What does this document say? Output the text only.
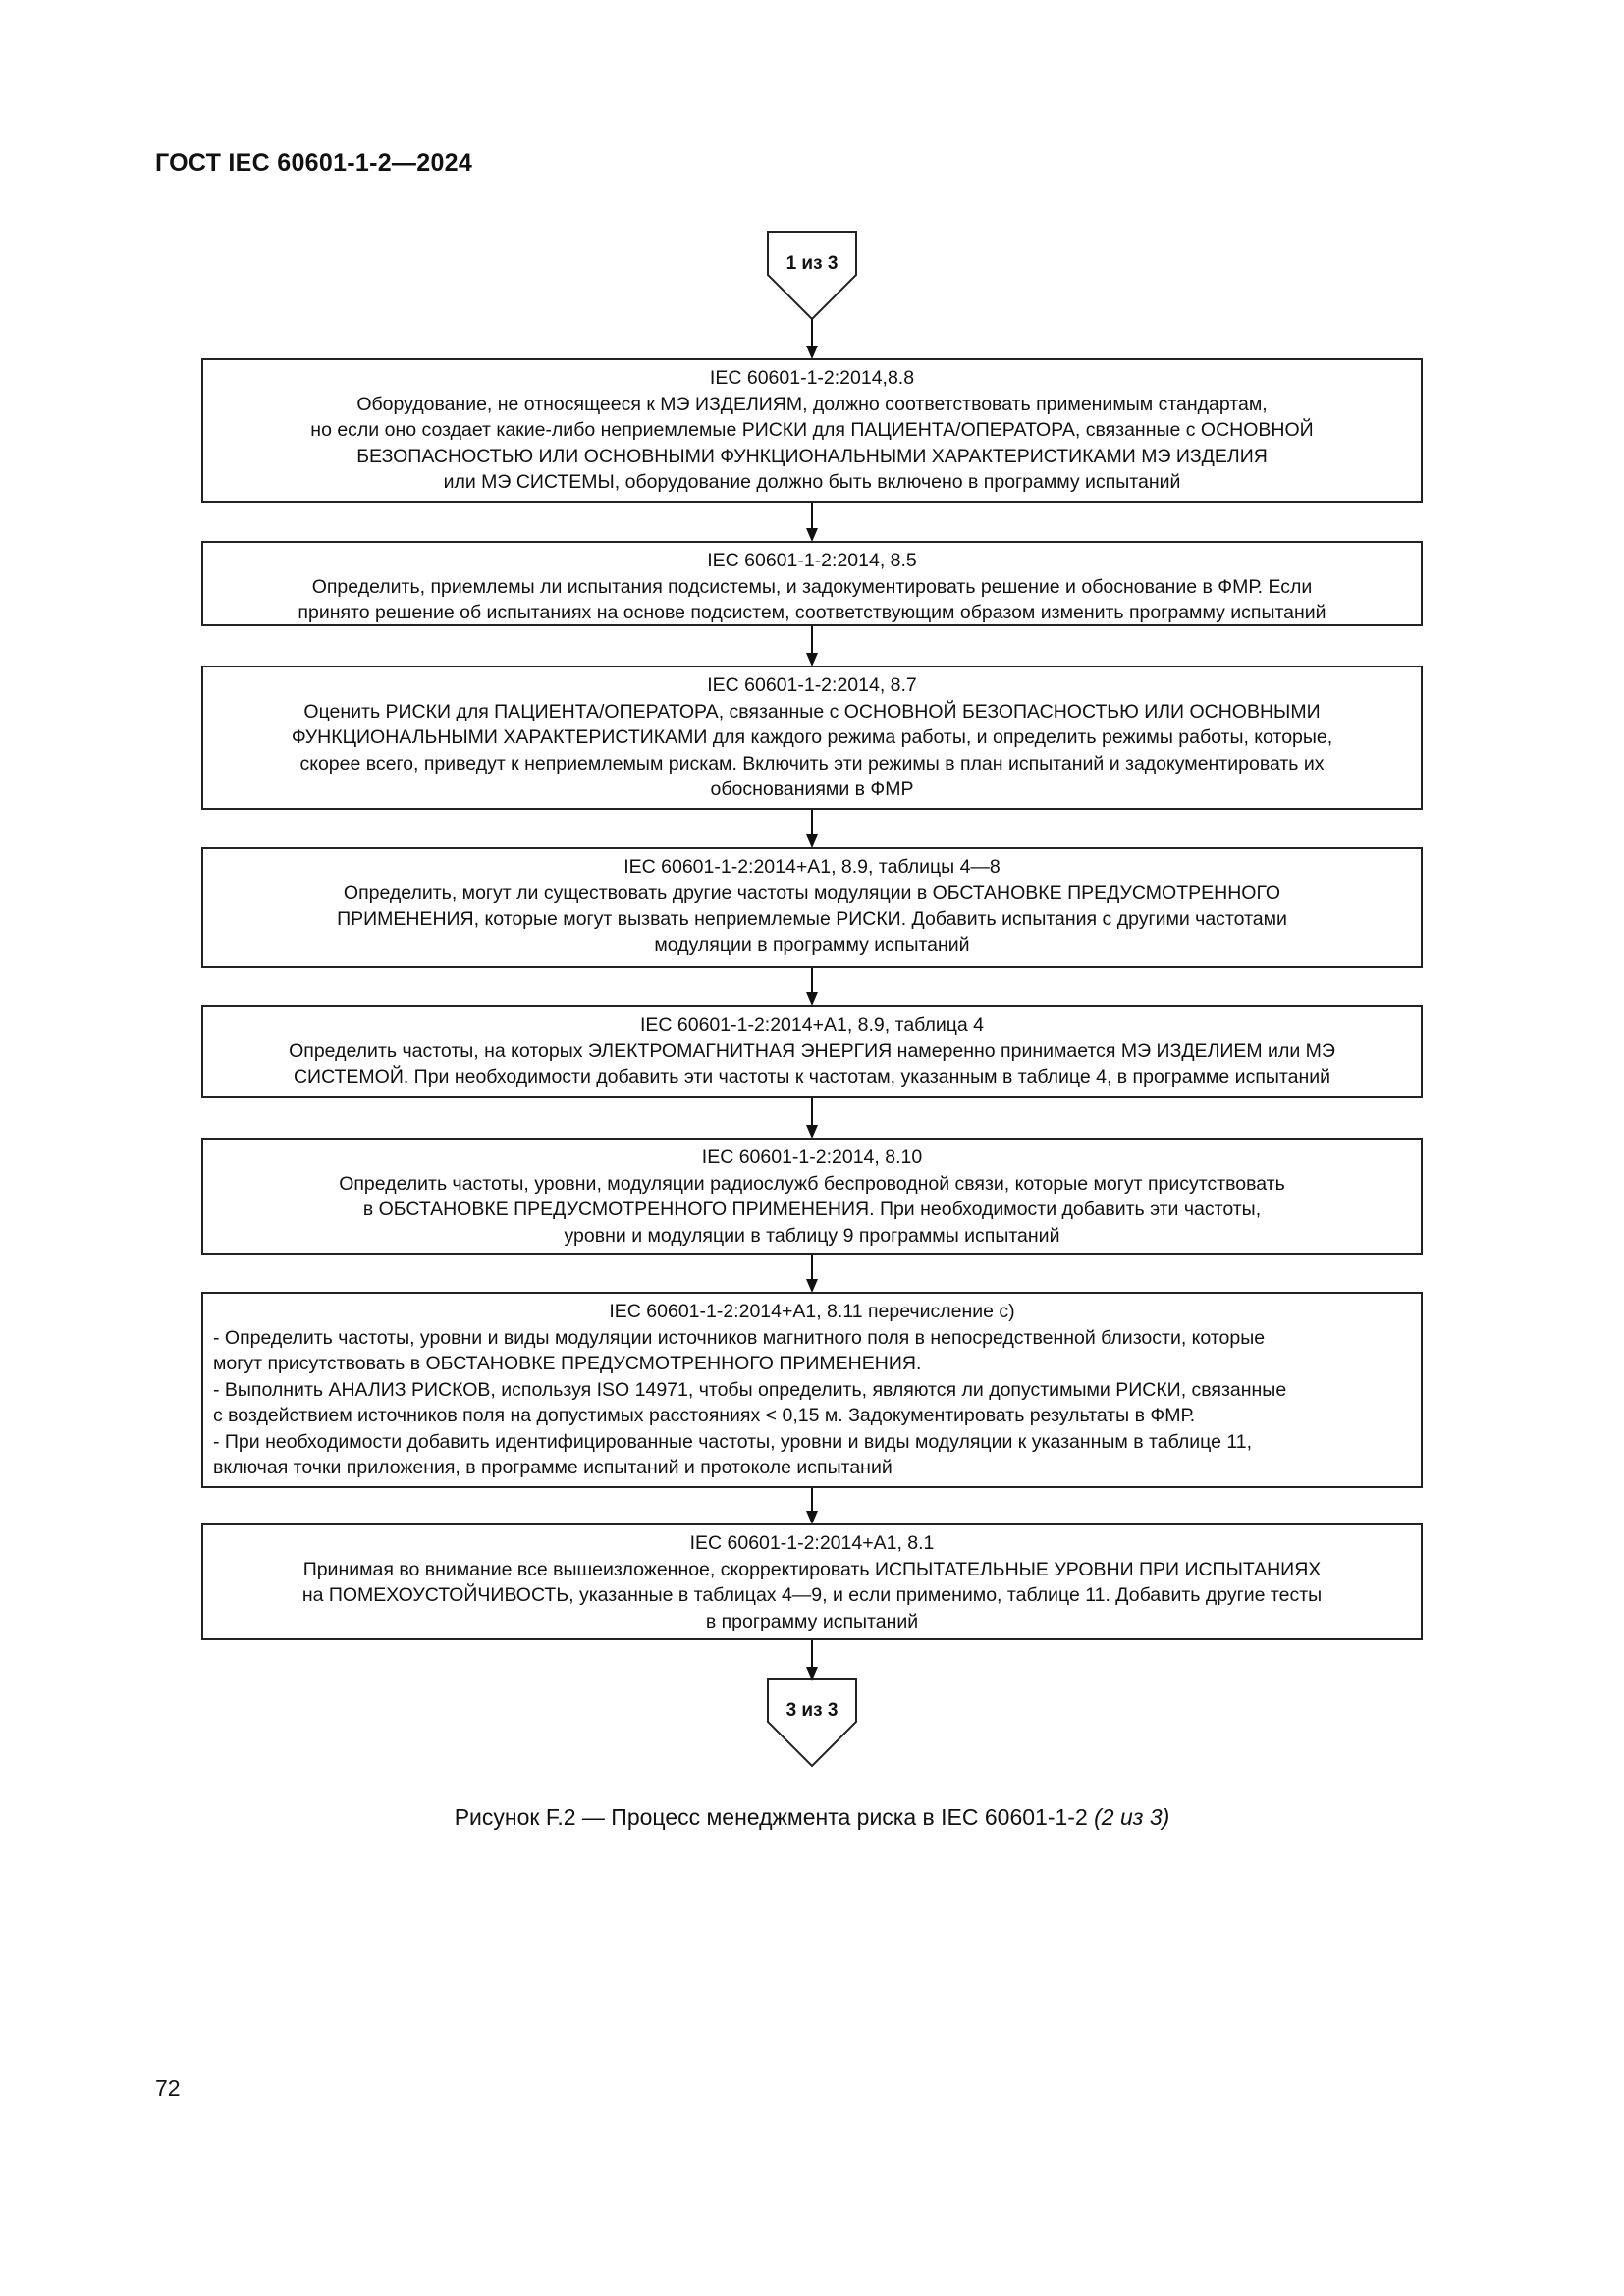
ГОСТ IEC 60601-1-2—2024
1 из 3
3 из 3
IEC 60601-1-2:2014,8.8
Оборудование, не относящееся к МЭ ИЗДЕЛИЯМ, должно соответствовать применимым стандартам,
но если оно создает какие-либо неприемлемые РИСКИ для ПАЦИЕНТА/ОПЕРАТОРА, связанные с ОСНОВНОЙ
БЕЗОПАСНОСТЬЮ ИЛИ ОСНОВНЫМИ ФУНКЦИОНАЛЬНЫМИ ХАРАКТЕРИСТИКАМИ МЭ ИЗДЕЛИЯ
или МЭ СИСТЕМЫ, оборудование должно быть включено в программу испытаний
IEC 60601-1-2:2014, 8.5
Определить, приемлемы ли испытания подсистемы, и задокументировать решение и обоснование в ФМР. Если
принято решение об испытаниях на основе подсистем, соответствующим образом изменить программу испытаний
IEC 60601-1-2:2014, 8.7
Оценить РИСКИ для ПАЦИЕНТА/ОПЕРАТОРА, связанные с ОСНОВНОЙ БЕЗОПАСНОСТЬЮ ИЛИ ОСНОВНЫМИ
ФУНКЦИОНАЛЬНЫМИ ХАРАКТЕРИСТИКАМИ для каждого режима работы, и определить режимы работы, которые,
скорее всего, приведут к неприемлемым рискам. Включить эти режимы в план испытаний и задокументировать их
обоснованиями в ФМР
IEC 60601-1-2:2014+A1, 8.9, таблицы 4—8
Определить, могут ли существовать другие частоты модуляции в ОБСТАНОВКЕ ПРЕДУСМОТРЕННОГО
ПРИМЕНЕНИЯ, которые могут вызвать неприемлемые РИСКИ. Добавить испытания с другими частотами
модуляции в программу испытаний
IEC 60601-1-2:2014+A1, 8.9, таблица 4
Определить частоты, на которых ЭЛЕКТРОМАГНИТНАЯ ЭНЕРГИЯ намеренно принимается МЭ ИЗДЕЛИЕМ или МЭ
СИСТЕМОЙ. При необходимости добавить эти частоты к частотам, указанным в таблице 4, в программе испытаний
IEC 60601-1-2:2014, 8.10
Определить частоты, уровни, модуляции радиослужб беспроводной связи, которые могут присутствовать
в ОБСТАНОВКЕ ПРЕДУСМОТРЕННОГО ПРИМЕНЕНИЯ. При необходимости добавить эти частоты,
уровни и модуляции в таблицу 9 программы испытаний
IEC 60601-1-2:2014+A1, 8.11 перечисление c)
- Определить частоты, уровни и виды модуляции источников магнитного поля в непосредственной близости, которые
могут присутствовать в ОБСТАНОВКЕ ПРЕДУСМОТРЕННОГО ПРИМЕНЕНИЯ.
- Выполнить АНАЛИЗ РИСКОВ, используя ISO 14971, чтобы определить, являются ли допустимыми РИСКИ, связанные
с воздействием источников поля на допустимых расстояниях < 0,15 м. Задокументировать результаты в ФМР.
- При необходимости добавить идентифицированные частоты, уровни и виды модуляции к указанным в таблице 11,
включая точки приложения, в программе испытаний и протоколе испытаний
IEC 60601-1-2:2014+A1, 8.1
Принимая во внимание все вышеизложенное, скорректировать ИСПЫТАТЕЛЬНЫЕ УРОВНИ ПРИ ИСПЫТАНИЯХ
на ПОМЕХОУСТОЙЧИВОСТЬ, указанные в таблицах 4—9, и если применимо, таблице 11. Добавить другие тесты
в программу испытаний
Рисунок F.2 — Процесс менеджмента риска в IEC 60601-1-2 (2 из 3)
72
